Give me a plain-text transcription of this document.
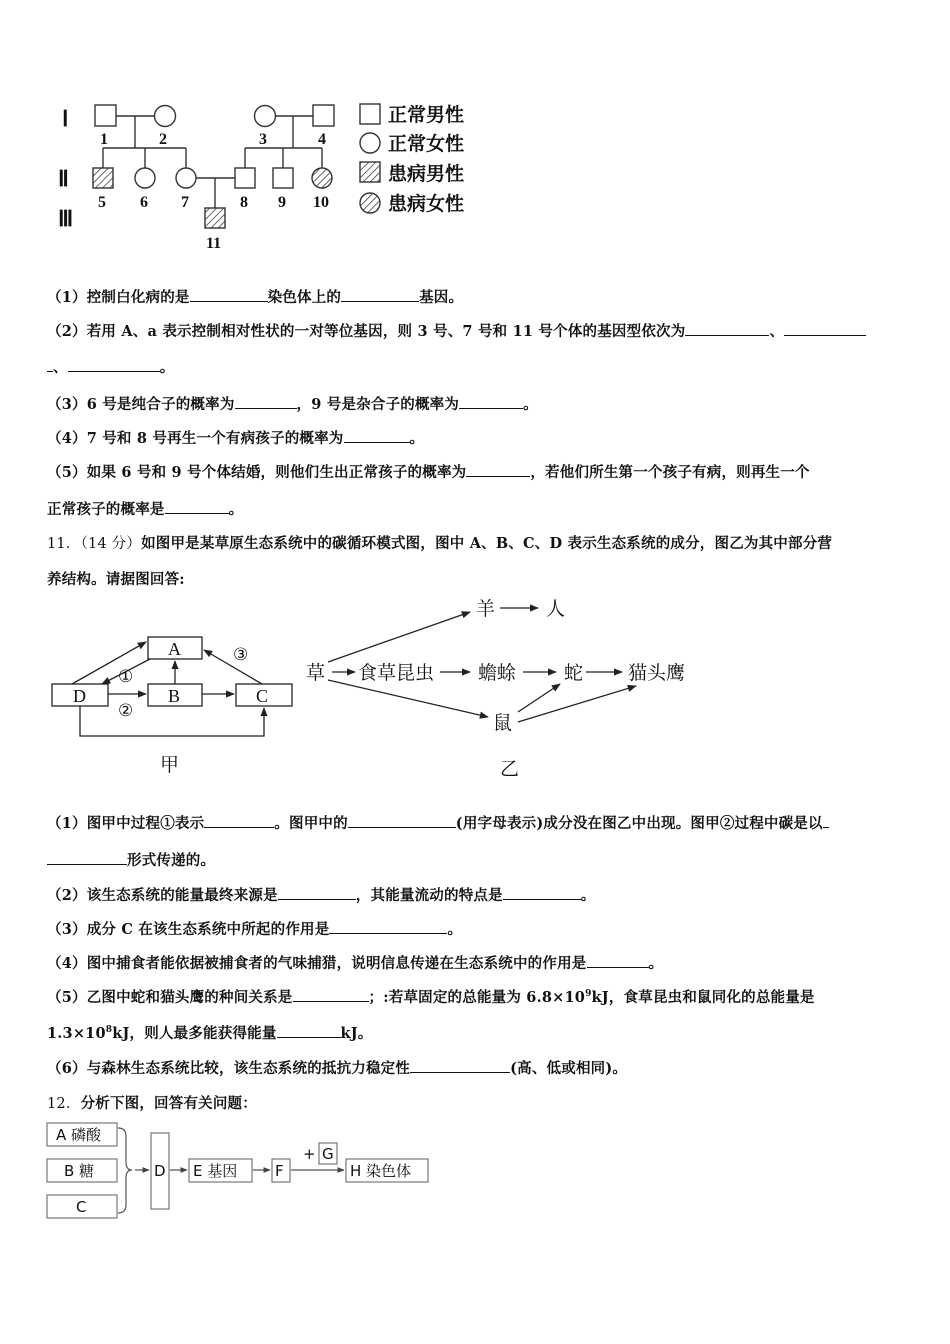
Ⅰ
Ⅱ
Ⅲ
1	2	3	4
5 6 7	8 9 10
11
正常男性
正常女性
患病男性
患病女性
（1）控制白化病的是	染色体上的	基因。
（2）若用 A、a 表示控制相对性状的一对等位基因，则 3 号、7 号和 11 号个体的基因型依次为	、
、	。
（3）6 号是纯合子的概率为	，9 号是杂合子的概率为	。
（4）7 号和 8 号再生一个有病孩子的概率为	。
（5）如果 6 号和 9 号个体结婚，则他们生出正常孩子的概率为	，若他们所生第一个孩子有病，则再生一个
正常孩子的概率是	。
11．（14 分）如图甲是某草原生态系统中的碳循环模式图，图中 A、B、C、D 表示生态系统的成分，图乙为其中部分营
养结构。请据图回答:
A
B	C
D
①
②
③
甲
草 食草昆虫 蟾蜍	蛇 猫头鹰
羊	人
鼠
乙
（1）图甲中过程①表示	。图甲中的	(用字母表示)成分没在图乙中出现。图甲②过程中碳是以
形式传递的。
（2）该生态系统的能量最终来源是	，其能量流动的特点是	。
（3）成分 C 在该生态系统中所起的作用是	。
（4）图中捕食者能依据被捕食者的气味捕猎，说明信息传递在生态系统中的作用是	。
（5）乙图中蛇和猫头鹰的种间关系是	；:若草固定的总能量为 $6.8\times 10^9kJ$，食草昆虫和鼠同化的总能量是
$1.3\times 10^8kJ$，则人最多能获得能量	kJ。
（6）与森林生态系统比较，该生态系统的抵抗力稳定性	(高、低或相同)。
12．分析下图，回答有关问题：
A 磷酸
B 糖
C
D E 基因	F
+ G
H 染色体
